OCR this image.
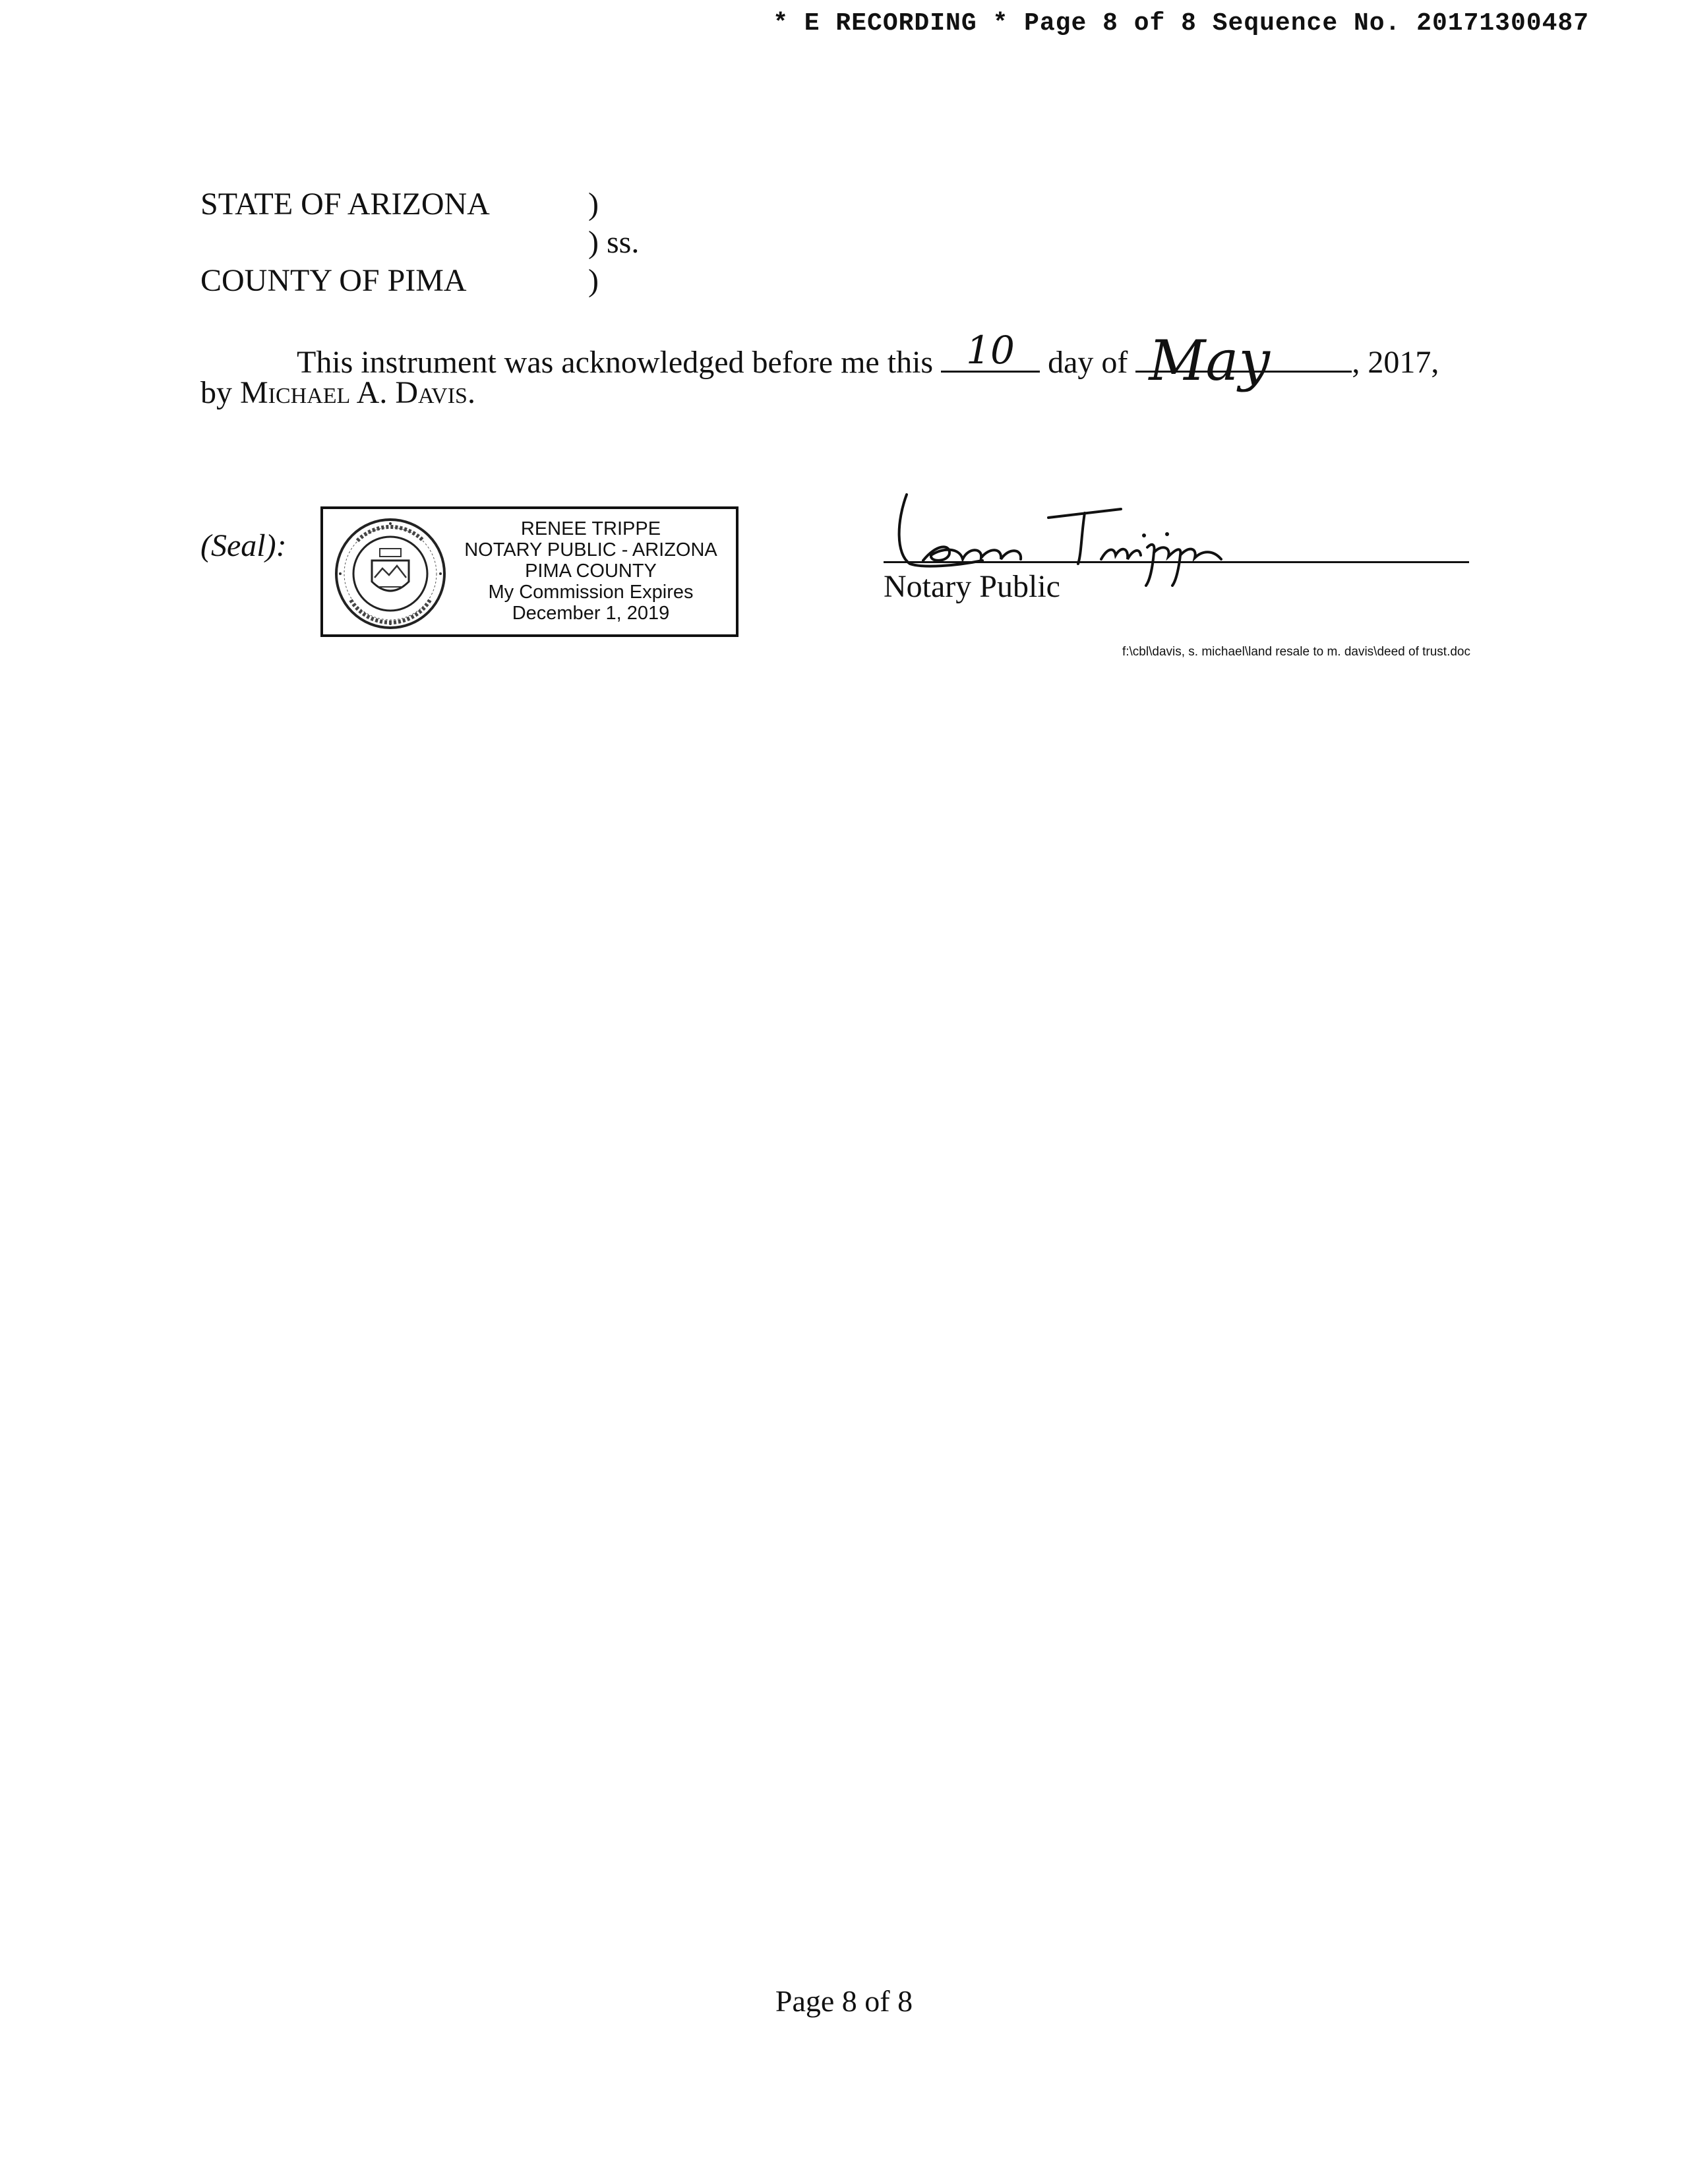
* E RECORDING * Page 8 of 8 Sequence No. 20171300487
STATE OF ARIZONA	)
) ss.
COUNTY OF PIMA	)
This instrument was acknowledged before me this 10 day of May	, 2017,
by Michael A. Davis.
(Seal):	RENEE TRIPPE
NOTARY PUBLIC - ARIZONA
PIMA COUNTY
My Commission Expires
December 1, 2019
Notary Public
f:\cbl\davis, s. michael\land resale to m. davis\deed of trust.doc
Page 8 of 8
